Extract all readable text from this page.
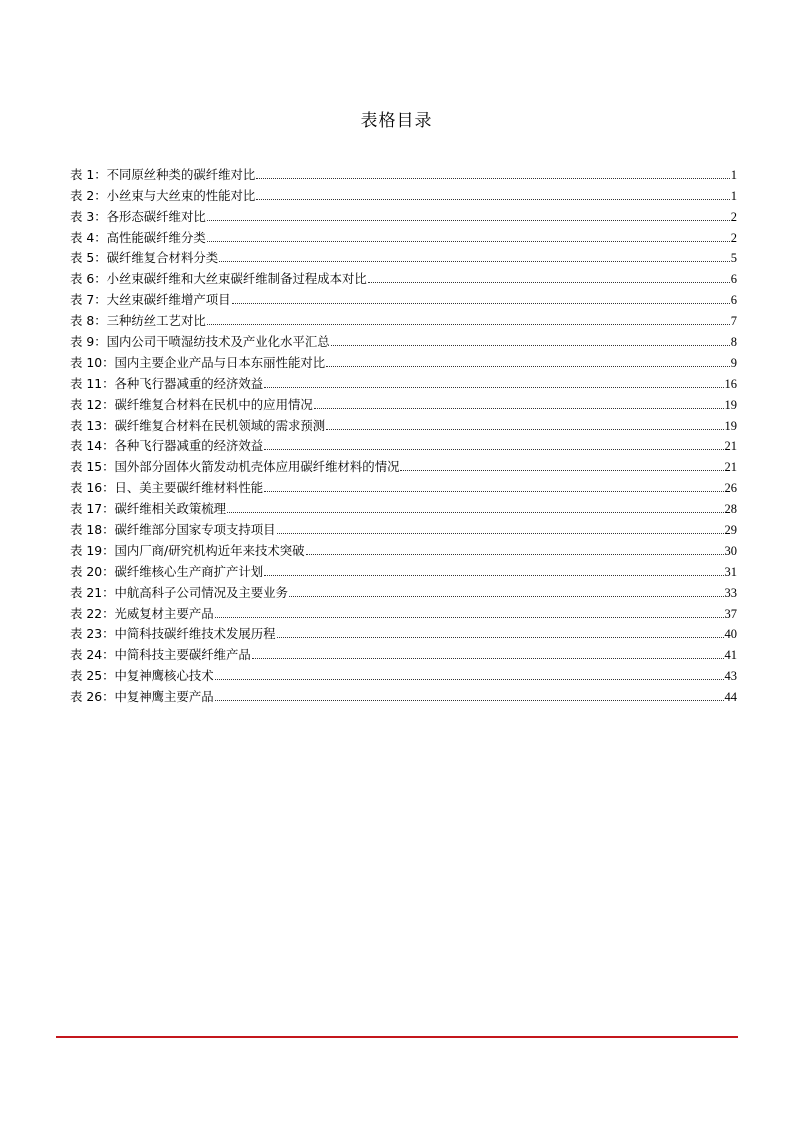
表格目录
表 1： 不同原丝种类的碳纤维对比	1
表 2： 小丝束与大丝束的性能对比	1
表 3： 各形态碳纤维对比	2
表 4： 高性能碳纤维分类	2
表 5： 碳纤维复合材料分类	5
表 6： 小丝束碳纤维和大丝束碳纤维制备过程成本对比	6
表 7： 大丝束碳纤维增产项目	6
表 8： 三种纺丝工艺对比	7
表 9： 国内公司干喷湿纺技术及产业化水平汇总	8
表 10： 国内主要企业产品与日本东丽性能对比	9
表 11： 各种飞行器减重的经济效益	16
表 12： 碳纤维复合材料在民机中的应用情况	19
表 13： 碳纤维复合材料在民机领域的需求预测	19
表 14： 各种飞行器减重的经济效益	21
表 15： 国外部分固体火箭发动机壳体应用碳纤维材料的情况	21
表 16： 日、美主要碳纤维材料性能	26
表 17： 碳纤维相关政策梳理	28
表 18： 碳纤维部分国家专项支持项目	29
表 19： 国内厂商/研究机构近年来技术突破	30
表 20： 碳纤维核心生产商扩产计划	31
表 21： 中航高科子公司情况及主要业务	33
表 22： 光威复材主要产品	37
表 23： 中简科技碳纤维技术发展历程	40
表 24： 中简科技主要碳纤维产品	41
表 25： 中复神鹰核心技术	43
表 26： 中复神鹰主要产品	44
